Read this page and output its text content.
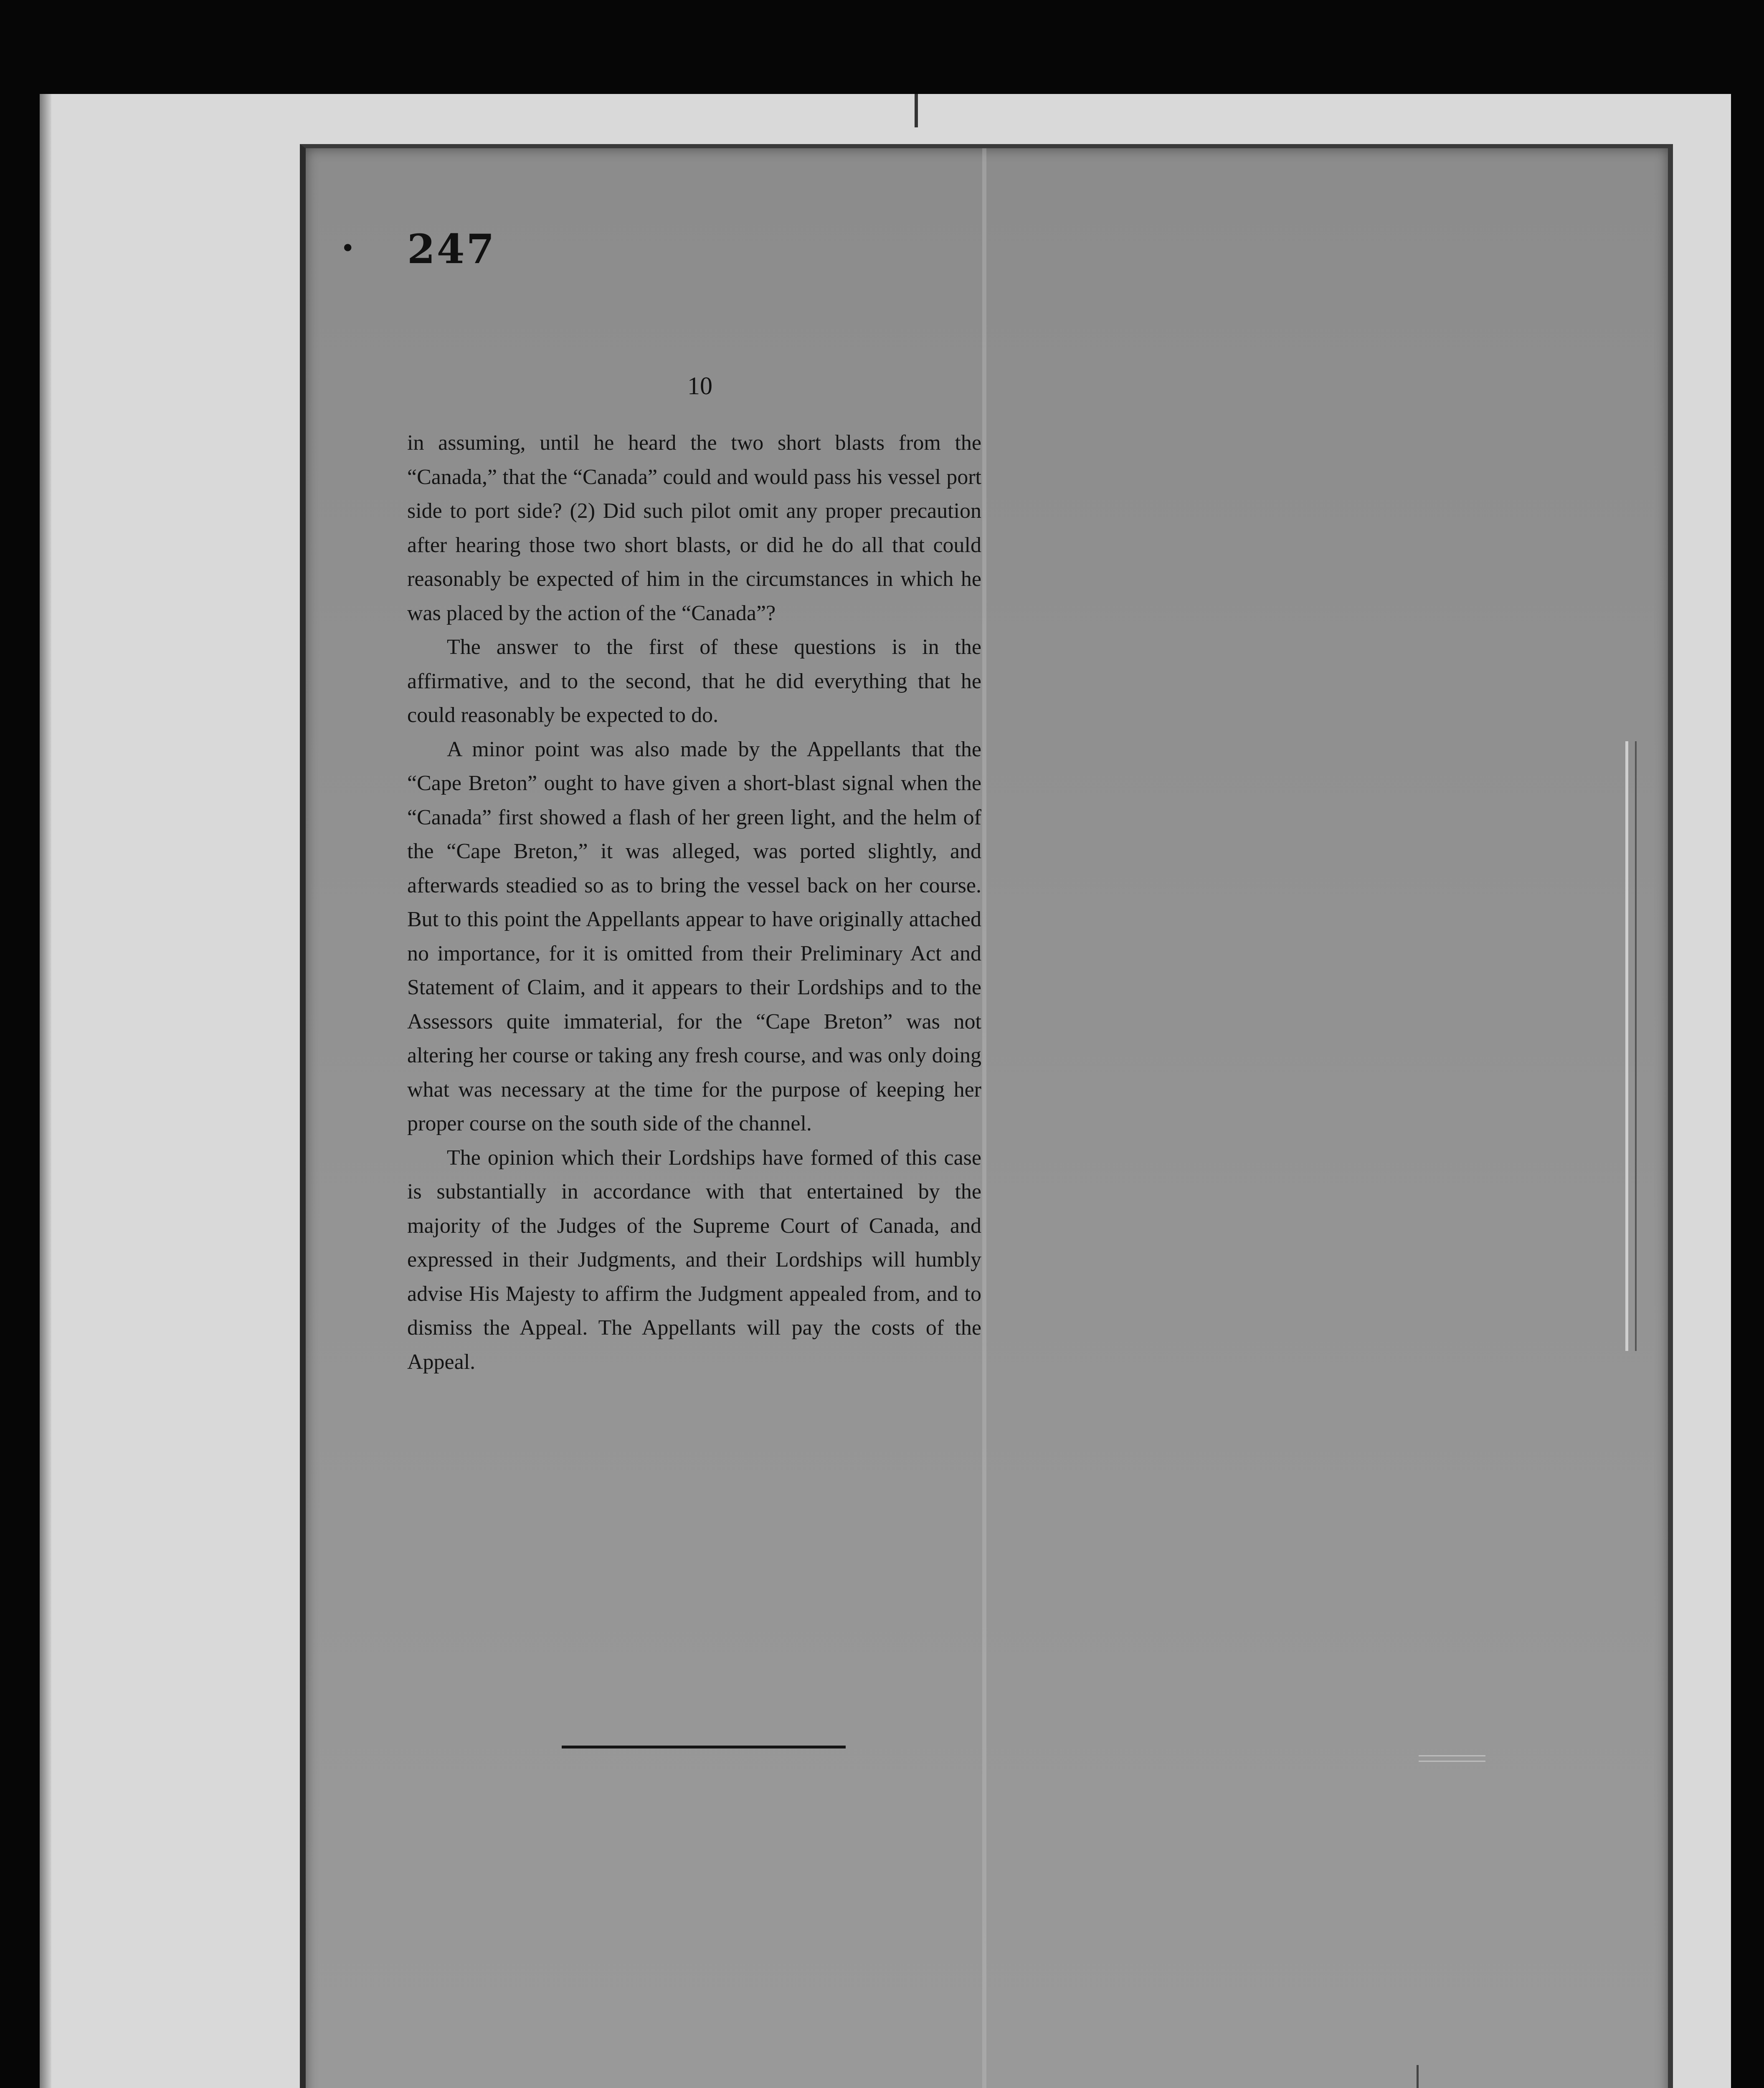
• 247
10

in assuming, until he heard the two short blasts from the “Canada,” that the “Canada” could and would pass his vessel port side to port side? (2) Did such pilot omit any proper precaution after hearing those two short blasts, or did he do all that could reasonably be expected of him in the circumstances in which he was placed by the action of the “Canada”?

The answer to the first of these questions is in the affirmative, and to the second, that he did everything that he could reasonably be expected to do.

A minor point was also made by the Appellants that the “Cape Breton” ought to have given a short-blast signal when the “Canada” first showed a flash of her green light, and the helm of the “Cape Breton,” it was alleged, was ported slightly, and afterwards steadied so as to bring the vessel back on her course. But to this point the Appellants appear to have originally attached no importance, for it is omitted from their Preliminary Act and Statement of Claim, and it appears to their Lordships and to the Assessors quite immaterial, for the “Cape Breton” was not altering her course or taking any fresh course, and was only doing what was necessary at the time for the purpose of keeping her proper course on the south side of the channel.

The opinion which their Lordships have formed of this case is substantially in accordance with that entertained by the majority of the Judges of the Supreme Court of Canada, and expressed in their Judgments, and their Lordships will humbly advise His Majesty to affirm the Judgment appealed from, and to dismiss the Appeal. The Appellants will pay the costs of the Appeal.
